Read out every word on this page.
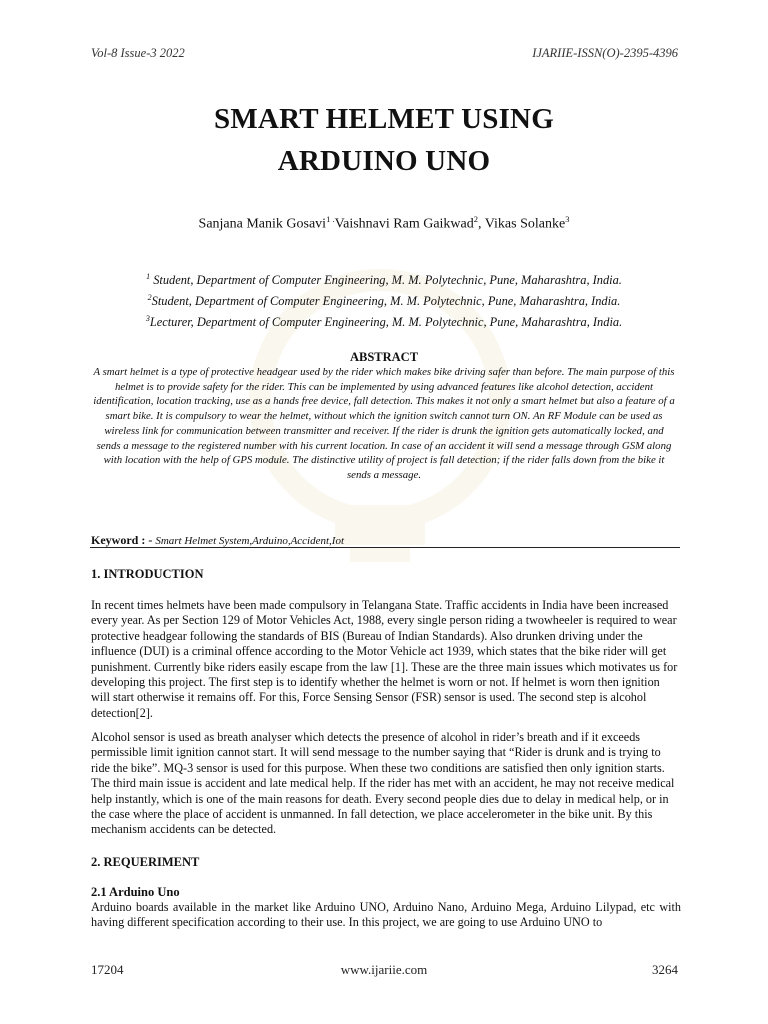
Vol-8 Issue-3 2022	IJARIIE-ISSN(O)-2395-4396
SMART HELMET USING
ARDUINO UNO
Sanjana Manik Gosavi$^{1 .}$Vaishnavi Ram Gaikwad$^2$, Vikas Solanke$^3$
$^1$ Student, Department of Computer Engineering, M. M. Polytechnic, Pune, Maharashtra, India.
$^2$Student, Department of Computer Engineering, M. M. Polytechnic, Pune, Maharashtra, India.
$^3$Lecturer, Department of Computer Engineering, M. M. Polytechnic, Pune, Maharashtra, India.
ABSTRACT
A smart helmet is a type of protective headgear used by the rider which makes bike driving safer than before. The main purpose of this helmet is to provide safety for the rider. This can be implemented by using advanced features like alcohol detection, accident identification, location tracking, use as a hands free device, fall detection. This makes it not only a smart helmet but also a feature of a smart bike. It is compulsory to wear the helmet, without which the ignition switch cannot turn ON. An RF Module can be used as wireless link for communication between transmitter and receiver. If the rider is drunk the ignition gets automatically locked, and sends a message to the registered number with his current location. In case of an accident it will send a message through GSM along with location with the help of GPS module. The distinctive utility of project is fall detection; if the rider falls down from the bike it sends a message.
Keyword : - Smart Helmet System,Arduino,Accident,Iot
1. INTRODUCTION
In recent times helmets have been made compulsory in Telangana State. Traffic accidents in India have been increased every year. As per Section 129 of Motor Vehicles Act, 1988, every single person riding a twowheeler is required to wear protective headgear following the standards of BIS (Bureau of Indian Standards). Also drunken driving under the influence (DUI) is a criminal offence according to the Motor Vehicle act 1939, which states that the bike rider will get punishment. Currently bike riders easily escape from the law [1]. These are the three main issues which motivates us for developing this project. The first step is to identify whether the helmet is worn or not. If helmet is worn then ignition will start otherwise it remains off. For this, Force Sensing Sensor (FSR) sensor is used. The second step is alcohol detection[2].
Alcohol sensor is used as breath analyser which detects the presence of alcohol in rider’s breath and if it exceeds permissible limit ignition cannot start. It will send message to the number saying that “Rider is drunk and is trying to ride the bike”. MQ-3 sensor is used for this purpose. When these two conditions are satisfied then only ignition starts. The third main issue is accident and late medical help. If the rider has met with an accident, he may not receive medical help instantly, which is one of the main reasons for death. Every second people dies due to delay in medical help, or in the case where the place of accident is unmanned. In fall detection, we place accelerometer in the bike unit. By this mechanism accidents can be detected.
2. REQUERIMENT
2.1 Arduino Uno
Arduino boards available in the market like Arduino UNO, Arduino Nano, Arduino Mega, Arduino Lilypad, etc with having different specification according to their use. In this project, we are going to use Arduino UNO to
17204	www.ijariie.com	3264
